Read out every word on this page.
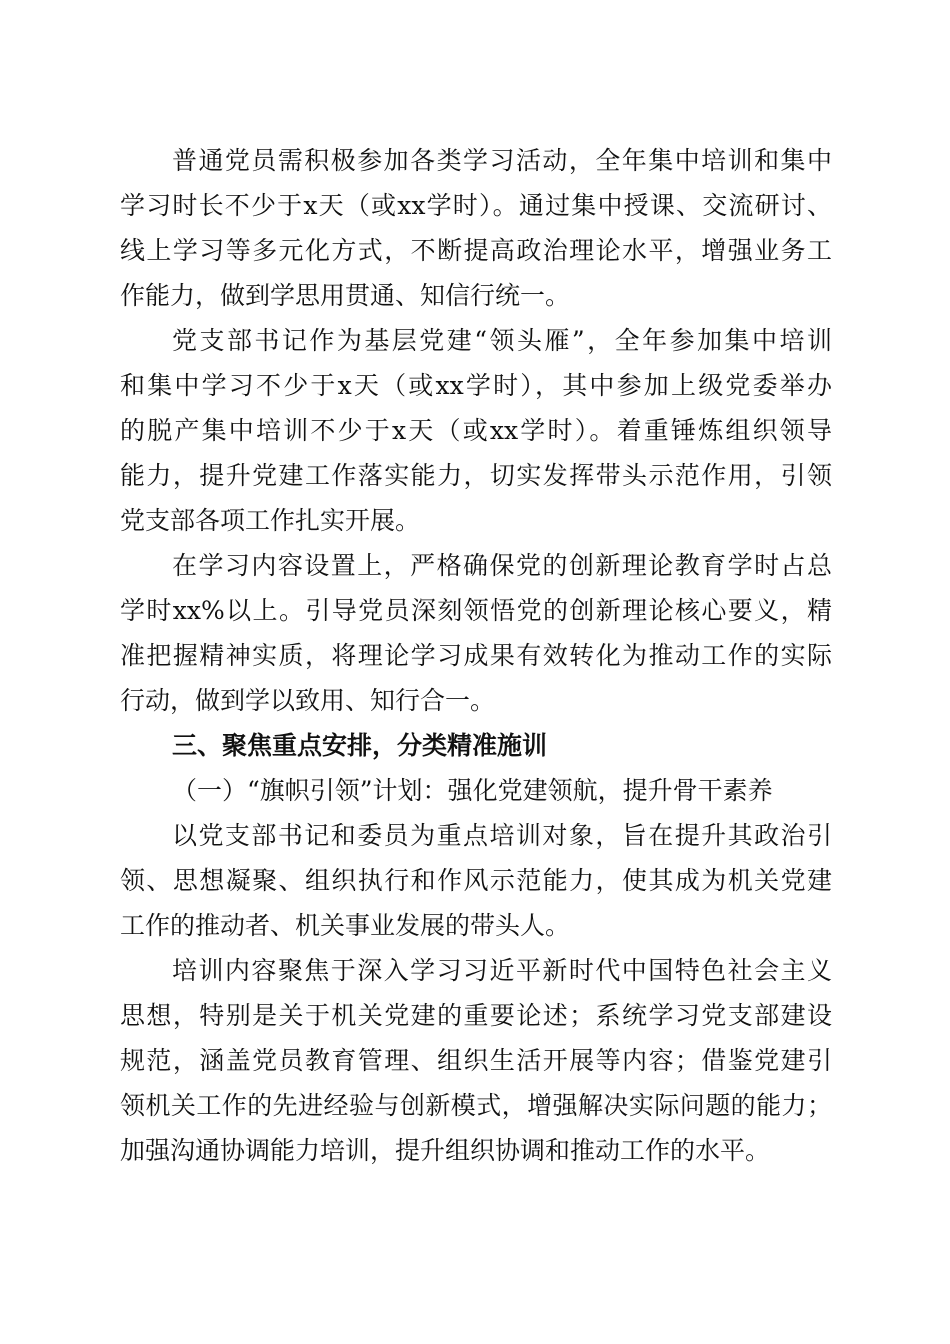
普通党员需积极参加各类学习活动，全年集中培训和集中
学习时长不少于x天（或xx学时）。通过集中授课、交流研讨、
线上学习等多元化方式，不断提高政治理论水平，增强业务工
作能力，做到学思用贯通、知信行统一。
党支部书记作为基层党建“领头雁”，全年参加集中培训
和集中学习不少于x天（或xx学时），其中参加上级党委举办
的脱产集中培训不少于x天（或xx学时）。着重锤炼组织领导
能力，提升党建工作落实能力，切实发挥带头示范作用，引领
党支部各项工作扎实开展。
在学习内容设置上，严格确保党的创新理论教育学时占总
学时xx%以上。引导党员深刻领悟党的创新理论核心要义，精
准把握精神实质，将理论学习成果有效转化为推动工作的实际
行动，做到学以致用、知行合一。
三、聚焦重点安排，分类精准施训
（一）“旗帜引领”计划：强化党建领航，提升骨干素养
以党支部书记和委员为重点培训对象，旨在提升其政治引
领、思想凝聚、组织执行和作风示范能力，使其成为机关党建
工作的推动者、机关事业发展的带头人。
培训内容聚焦于深入学习习近平新时代中国特色社会主义
思想，特别是关于机关党建的重要论述；系统学习党支部建设
规范，涵盖党员教育管理、组织生活开展等内容；借鉴党建引
领机关工作的先进经验与创新模式，增强解决实际问题的能力；
加强沟通协调能力培训，提升组织协调和推动工作的水平。
